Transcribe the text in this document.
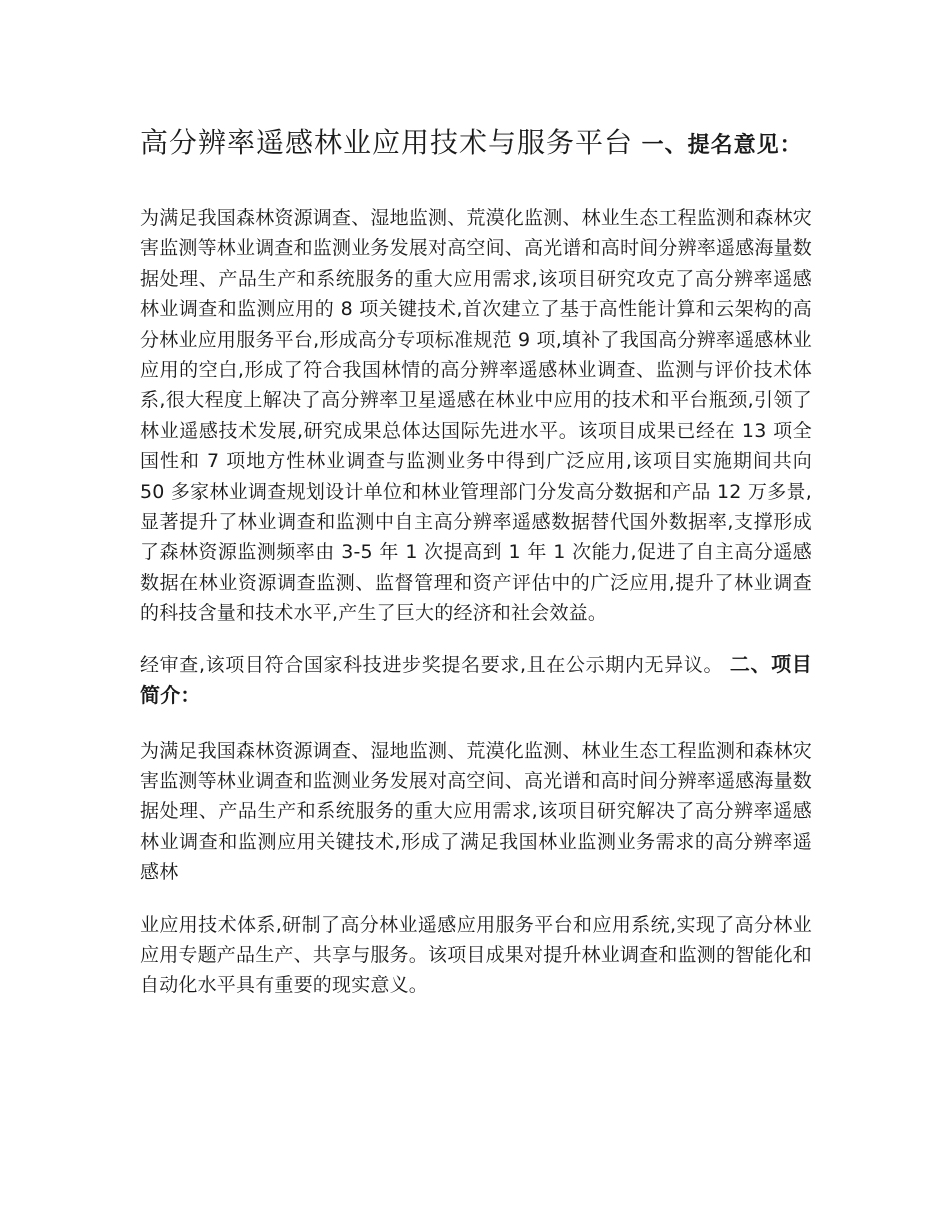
高分辨率遥感林业应用技术与服务平台 一、提名意见：

为满足我国森林资源调查、湿地监测、荒漠化监测、林业生态工程监测和森林灾害监测等林业调查和监测业务发展对高空间、高光谱和高时间分辨率遥感海量数据处理、产品生产和系统服务的重大应用需求,该项目研究攻克了高分辨率遥感林业调查和监测应用的 8 项关键技术,首次建立了基于高性能计算和云架构的高分林业应用服务平台,形成高分专项标准规范 9 项,填补了我国高分辨率遥感林业应用的空白,形成了符合我国林情的高分辨率遥感林业调查、监测与评价技术体系,很大程度上解决了高分辨率卫星遥感在林业中应用的技术和平台瓶颈,引领了林业遥感技术发展,研究成果总体达国际先进水平。该项目成果已经在 13 项全国性和 7 项地方性林业调查与监测业务中得到广泛应用,该项目实施期间共向 50 多家林业调查规划设计单位和林业管理部门分发高分数据和产品 12 万多景,显著提升了林业调查和监测中自主高分辨率遥感数据替代国外数据率,支撑形成了森林资源监测频率由 3-5 年 1 次提高到 1 年 1 次能力,促进了自主高分遥感数据在林业资源调查监测、监督管理和资产评估中的广泛应用,提升了林业调查的科技含量和技术水平,产生了巨大的经济和社会效益。

经审查,该项目符合国家科技进步奖提名要求,且在公示期内无异议。 二、项目简介：

为满足我国森林资源调查、湿地监测、荒漠化监测、林业生态工程监测和森林灾害监测等林业调查和监测业务发展对高空间、高光谱和高时间分辨率遥感海量数据处理、产品生产和系统服务的重大应用需求,该项目研究解决了高分辨率遥感林业调查和监测应用关键技术,形成了满足我国林业监测业务需求的高分辨率遥感林

业应用技术体系,研制了高分林业遥感应用服务平台和应用系统,实现了高分林业应用专题产品生产、共享与服务。该项目成果对提升林业调查和监测的智能化和自动化水平具有重要的现实意义。
